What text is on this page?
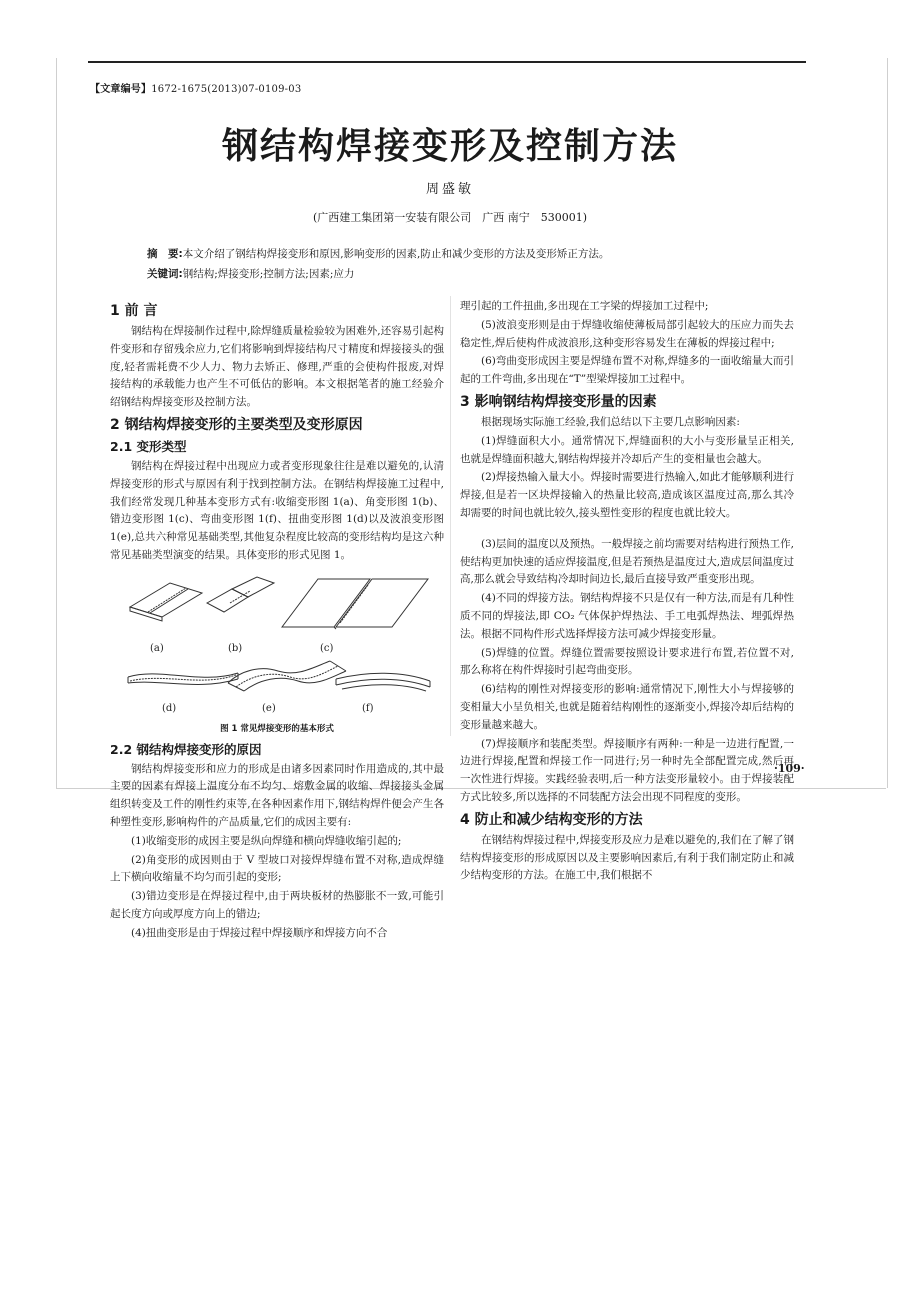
【文章编号】1672-1675(2013)07-0109-03
钢结构焊接变形及控制方法
周盛敏
(广西建工集团第一安装有限公司　广西 南宁　530001)
摘　要:本文介绍了钢结构焊接变形和原因,影响变形的因素,防止和减少变形的方法及变形矫正方法。
关键词:钢结构;焊接变形;控制方法;因素;应力
1 前 言

钢结构在焊接制作过程中,除焊缝质量检验较为困难外,还容易引起构件变形和存留残余应力,它们将影响到焊接结构尺寸精度和焊接接头的强度,轻者需耗费不少人力、物力去矫正、修理,严重的会使构件报废,对焊接结构的承载能力也产生不可低估的影响。本文根据笔者的施工经验介绍钢结构焊接变形及控制方法。

2 钢结构焊接变形的主要类型及变形原因
2.1 变形类型

钢结构在焊接过程中出现应力或者变形现象往往是难以避免的,认清焊接变形的形式与原因有利于找到控制方法。在钢结构焊接施工过程中,我们经常发现几种基本变形方式有:收缩变形图 1(a)、角变形图 1(b)、错边变形图 1(c)、弯曲变形图 1(f)、扭曲变形图 1(d)以及波浪变形图 1(e),总共六种常见基础类型,其他复杂程度比较高的变形结构均是这六种常见基础类型演变的结果。具体变形的形式见图 1。

(a)	(b)	(c)
(d)	(e)	(f)
图 1 常见焊接变形的基本形式
2.2 钢结构焊接变形的原因

钢结构焊接变形和应力的形成是由诸多因素同时作用造成的,其中最主要的因素有焊接上温度分布不均匀、熔敷金属的收缩、焊接接头金属组织转变及工件的刚性约束等,在各种因素作用下,钢结构焊件便会产生各种塑性变形,影响构件的产品质量,它们的成因主要有:

(1)收缩变形的成因主要是纵向焊缝和横向焊缝收缩引起的;

(2)角变形的成因则由于 V 型坡口对接焊焊缝布置不对称,造成焊缝上下横向收缩量不均匀而引起的变形;

(3)错边变形是在焊接过程中,由于两块板材的热膨胀不一致,可能引起长度方向或厚度方向上的错边;

(4)扭曲变形是由于焊接过程中焊接顺序和焊接方向不合

理引起的工件扭曲,多出现在工字梁的焊接加工过程中;

(5)波浪变形则是由于焊缝收缩使薄板局部引起较大的压应力而失去稳定性,焊后使构件成波浪形,这种变形容易发生在薄板的焊接过程中;

(6)弯曲变形成因主要是焊缝布置不对称,焊缝多的一面收缩量大而引起的工件弯曲,多出现在“T”型梁焊接加工过程中。

3 影响钢结构焊接变形量的因素

根据现场实际施工经验,我们总结以下主要几点影响因素:

(1)焊缝面积大小。通常情况下,焊缝面积的大小与变形量呈正相关,也就是焊缝面积越大,钢结构焊接并冷却后产生的变相量也会越大。

(2)焊接热输入量大小。焊接时需要进行热输入,如此才能够顺利进行焊接,但是若一区块焊接输入的热量比较高,造成该区温度过高,那么其冷却需要的时间也就比较久,接头塑性变形的程度也就比较大。

(3)层间的温度以及预热。一般焊接之前均需要对结构进行预热工作,使结构更加快速的适应焊接温度,但是若预热是温度过大,造成层间温度过高,那么就会导致结构冷却时间边长,最后直接导致严重变形出现。

(4)不同的焊接方法。钢结构焊接不只是仅有一种方法,而是有几种性质不同的焊接法,即 CO₂ 气体保护焊热法、手工电弧焊热法、埋弧焊热法。根据不同构件形式选择焊接方法可减少焊接变形量。

(5)焊缝的位置。焊缝位置需要按照设计要求进行布置,若位置不对,那么称将在构件焊接时引起弯曲变形。

(6)结构的刚性对焊接变形的影响:通常情况下,刚性大小与焊接够的变相量大小呈负相关,也就是随着结构刚性的逐渐变小,焊接冷却后结构的变形量越来越大。

(7)焊接顺序和装配类型。焊接顺序有两种:一种是一边进行配置,一边进行焊接,配置和焊接工作一同进行;另一种时先全部配置完成,然后再一次性进行焊接。实践经验表明,后一种方法变形量较小。由于焊接装配方式比较多,所以选择的不同装配方法会出现不同程度的变形。

4 防止和减少结构变形的方法

在钢结构焊接过程中,焊接变形及应力是难以避免的,我们在了解了钢结构焊接变形的形成原因以及主要影响因素后,有利于我们制定防止和减少结构变形的方法。在施工中,我们根据不

·109·
